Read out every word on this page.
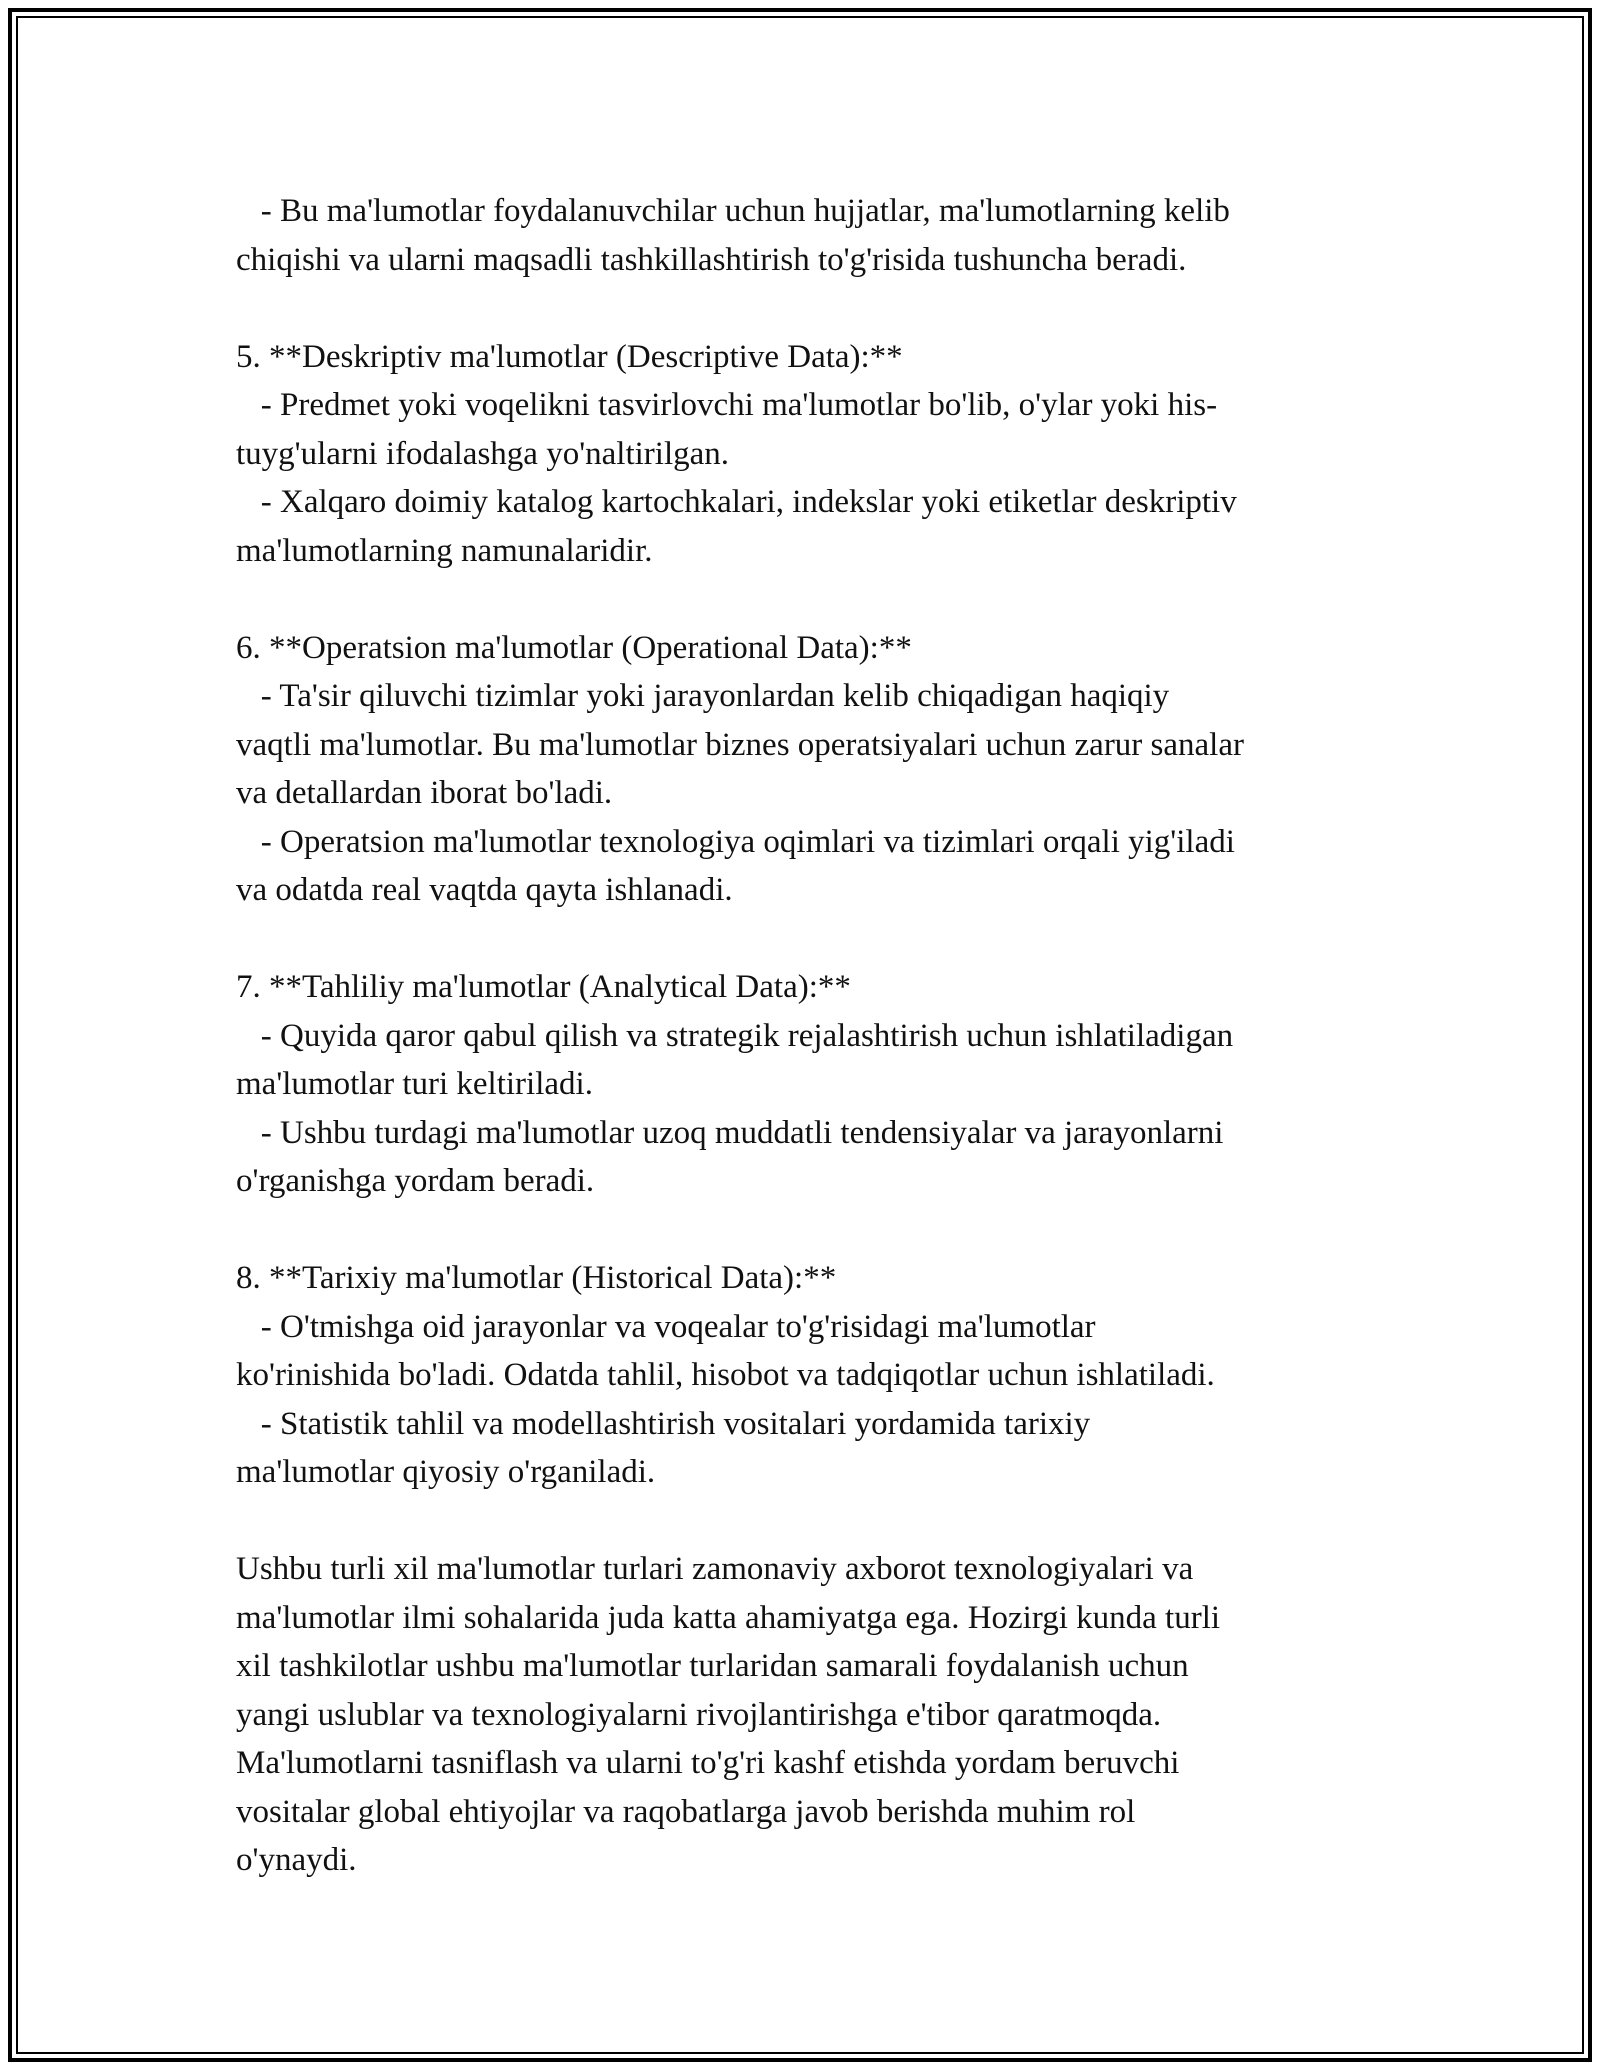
- Bu ma'lumotlar foydalanuvchilar uchun hujjatlar, ma'lumotlarning kelib
chiqishi va ularni maqsadli tashkillashtirish to'g'risida tushuncha beradi.
5. **Deskriptiv ma'lumotlar (Descriptive Data):**
- Predmet yoki voqelikni tasvirlovchi ma'lumotlar bo'lib, o'ylar yoki his-
tuyg'ularni ifodalashga yo'naltirilgan.
- Xalqaro doimiy katalog kartochkalari, indekslar yoki etiketlar deskriptiv
ma'lumotlarning namunalaridir.
6. **Operatsion ma'lumotlar (Operational Data):**
- Ta'sir qiluvchi tizimlar yoki jarayonlardan kelib chiqadigan haqiqiy
vaqtli ma'lumotlar. Bu ma'lumotlar biznes operatsiyalari uchun zarur sanalar
va detallardan iborat bo'ladi.
- Operatsion ma'lumotlar texnologiya oqimlari va tizimlari orqali yig'iladi
va odatda real vaqtda qayta ishlanadi.
7. **Tahliliy ma'lumotlar (Analytical Data):**
- Quyida qaror qabul qilish va strategik rejalashtirish uchun ishlatiladigan
ma'lumotlar turi keltiriladi.
- Ushbu turdagi ma'lumotlar uzoq muddatli tendensiyalar va jarayonlarni
o'rganishga yordam beradi.
8. **Tarixiy ma'lumotlar (Historical Data):**
- O'tmishga oid jarayonlar va voqealar to'g'risidagi ma'lumotlar
ko'rinishida bo'ladi. Odatda tahlil, hisobot va tadqiqotlar uchun ishlatiladi.
- Statistik tahlil va modellashtirish vositalari yordamida tarixiy
ma'lumotlar qiyosiy o'rganiladi.
Ushbu turli xil ma'lumotlar turlari zamonaviy axborot texnologiyalari va
ma'lumotlar ilmi sohalarida juda katta ahamiyatga ega. Hozirgi kunda turli
xil tashkilotlar ushbu ma'lumotlar turlaridan samarali foydalanish uchun
yangi uslublar va texnologiyalarni rivojlantirishga e'tibor qaratmoqda.
Ma'lumotlarni tasniflash va ularni to'g'ri kashf etishda yordam beruvchi
vositalar global ehtiyojlar va raqobatlarga javob berishda muhim rol
o'ynaydi.
